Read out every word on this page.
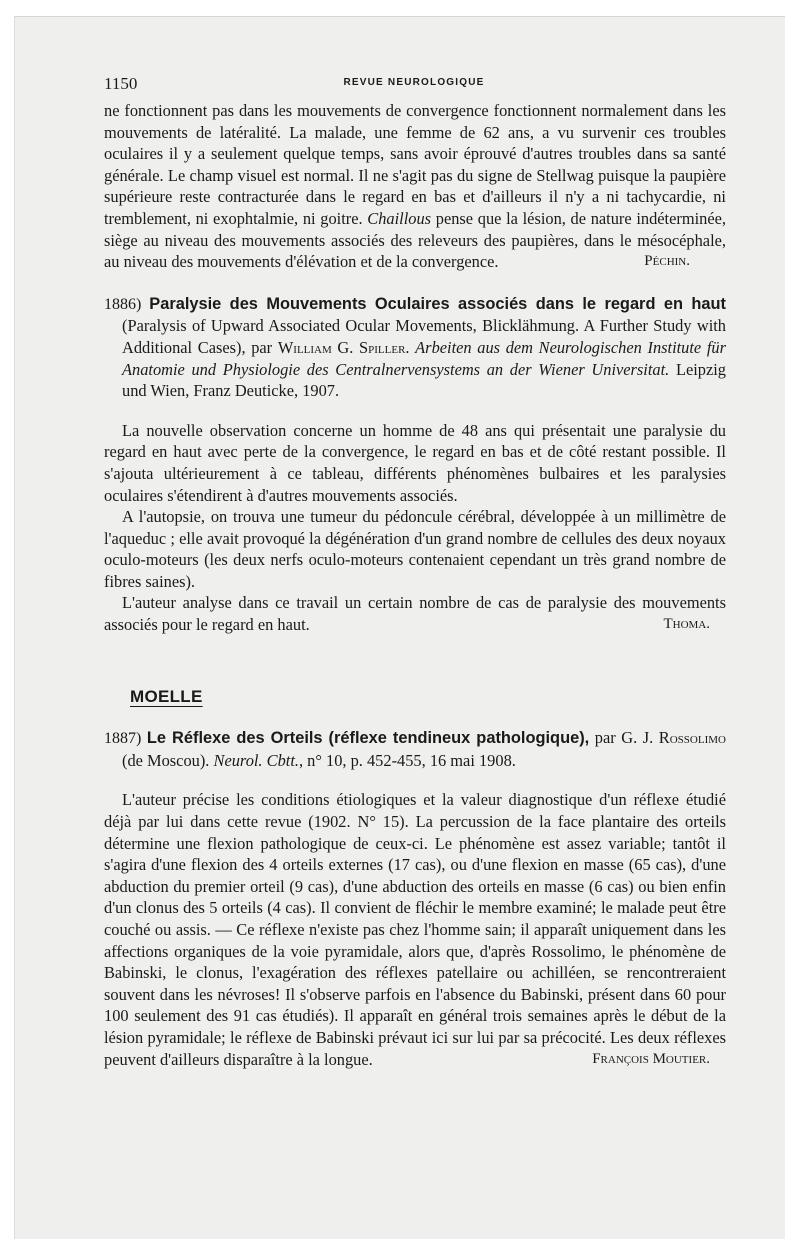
1150	REVUE NEUROLOGIQUE

ne fonctionnent pas dans les mouvements de convergence fonctionnent normalement dans les mouvements de latéralité. La malade, une femme de 62 ans, a vu survenir ces troubles oculaires il y a seulement quelque temps, sans avoir éprouvé d'autres troubles dans sa santé générale. Le champ visuel est normal. Il ne s'agit pas du signe de Stellwag puisque la paupière supérieure reste contracturée dans le regard en bas et d'ailleurs il n'y a ni tachycardie, ni tremblement, ni exophtalmie, ni goitre. Chaillous pense que la lésion, de nature indéterminée, siège au niveau des mouvements associés des releveurs des paupières, dans le mésocéphale, au niveau des mouvements d'élévation et de la convergence.	Péchin.

1886) Paralysie des Mouvements Oculaires associés dans le regard en haut (Paralysis of Upward Associated Ocular Movements, Blicklähmung. A Further Study with Additional Cases), par William G. Spiller. Arbeiten aus dem Neurologischen Institute für Anatomie und Physiologie des Centralnervensystems an der Wiener Universitat. Leipzig und Wien, Franz Deuticke, 1907.

La nouvelle observation concerne un homme de 48 ans qui présentait une paralysie du regard en haut avec perte de la convergence, le regard en bas et de côté restant possible. Il s'ajouta ultérieurement à ce tableau, différents phénomènes bulbaires et les paralysies oculaires s'étendirent à d'autres mouvements associés.

A l'autopsie, on trouva une tumeur du pédoncule cérébral, développée à un millimètre de l'aqueduc ; elle avait provoqué la dégénération d'un grand nombre de cellules des deux noyaux oculo-moteurs (les deux nerfs oculo-moteurs contenaient cependant un très grand nombre de fibres saines).

L'auteur analyse dans ce travail un certain nombre de cas de paralysie des mouvements associés pour le regard en haut.	Thoma.

MOELLE

1887) Le Réflexe des Orteils (réflexe tendineux pathologique), par G. J. Rossolimo (de Moscou). Neurol. Cbtt., n° 10, p. 452-455, 16 mai 1908.

L'auteur précise les conditions étiologiques et la valeur diagnostique d'un réflexe étudié déjà par lui dans cette revue (1902. N° 15). La percussion de la face plantaire des orteils détermine une flexion pathologique de ceux-ci. Le phénomène est assez variable; tantôt il s'agira d'une flexion des 4 orteils externes (17 cas), ou d'une flexion en masse (65 cas), d'une abduction du premier orteil (9 cas), d'une abduction des orteils en masse (6 cas) ou bien enfin d'un clonus des 5 orteils (4 cas). Il convient de fléchir le membre examiné; le malade peut être couché ou assis. — Ce réflexe n'existe pas chez l'homme sain; il apparaît uniquement dans les affections organiques de la voie pyramidale, alors que, d'après Rossolimo, le phénomène de Babinski, le clonus, l'exagération des réflexes patellaire ou achilléen, se rencontreraient souvent dans les névroses! Il s'observe parfois en l'absence du Babinski, présent dans 60 pour 100 seulement des 91 cas étudiés). Il apparaît en général trois semaines après le début de la lésion pyramidale; le réflexe de Babinski prévaut ici sur lui par sa précocité. Les deux réflexes peuvent d'ailleurs disparaître à la longue.	François Moutier.
